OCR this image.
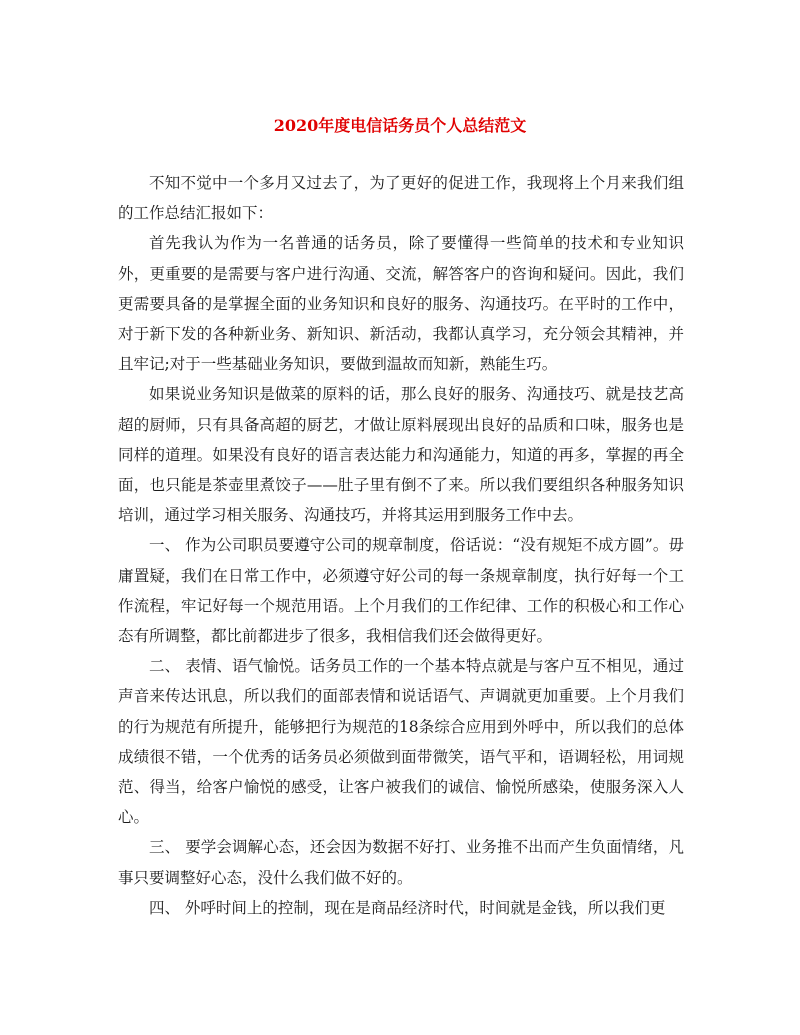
2020年度电信话务员个人总结范文

不知不觉中一个多月又过去了，为了更好的促进工作，我现将上个月来我们组的工作总结汇报如下：

首先我认为作为一名普通的话务员，除了要懂得一些简单的技术和专业知识外，更重要的是需要与客户进行沟通、交流，解答客户的咨询和疑问。因此，我们更需要具备的是掌握全面的业务知识和良好的服务、沟通技巧。在平时的工作中，对于新下发的各种新业务、新知识、新活动，我都认真学习，充分领会其精神，并且牢记;对于一些基础业务知识，要做到温故而知新，熟能生巧。

如果说业务知识是做菜的原料的话，那么良好的服务、沟通技巧、就是技艺高超的厨师，只有具备高超的厨艺，才做让原料展现出良好的品质和口味，服务也是同样的道理。如果没有良好的语言表达能力和沟通能力，知道的再多，掌握的再全面，也只能是茶壶里煮饺子——肚子里有倒不了来。所以我们要组织各种服务知识培训，通过学习相关服务、沟通技巧，并将其运用到服务工作中去。

一、 作为公司职员要遵守公司的规章制度，俗话说：“没有规矩不成方圆”。毋庸置疑，我们在日常工作中，必须遵守好公司的每一条规章制度，执行好每一个工作流程，牢记好每一个规范用语。上个月我们的工作纪律、工作的积极心和工作心态有所调整，都比前都进步了很多，我相信我们还会做得更好。

二、 表情、语气愉悦。话务员工作的一个基本特点就是与客户互不相见，通过声音来传达讯息，所以我们的面部表情和说话语气、声调就更加重要。上个月我们的行为规范有所提升，能够把行为规范的18条综合应用到外呼中，所以我们的总体成绩很不错，一个优秀的话务员必须做到面带微笑，语气平和，语调轻松，用词规范、得当，给客户愉悦的感受，让客户被我们的诚信、愉悦所感染，使服务深入人心。

三、 要学会调解心态，还会因为数据不好打、业务推不出而产生负面情绪，凡事只要调整好心态，没什么我们做不好的。

四、 外呼时间上的控制，现在是商品经济时代，时间就是金钱，所以我们更
